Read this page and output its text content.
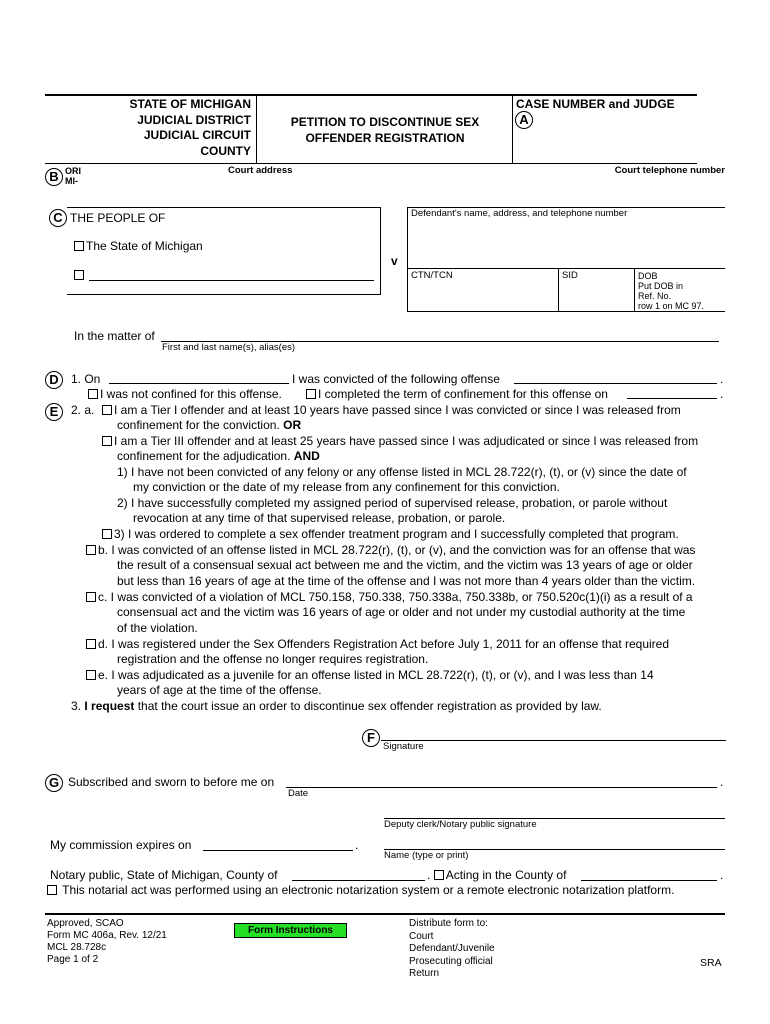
STATE OF MICHIGAN
JUDICIAL DISTRICT
JUDICIAL CIRCUIT
COUNTY
PETITION TO DISCONTINUE SEX
OFFENDER REGISTRATION
CASE NUMBER and JUDGE
A
B ORI
MI-
Court address	Court telephone number
C THE PEOPLE OF
The State of Michigan
v
Defendant's name, address, and telephone number
CTN/TCN	SID	DOB
Put DOB in
Ref. No.
row 1 on MC 97.
In the matter of
First and last name(s), alias(es)
D
E
1. On	I was convicted of the following offense	.
I was not confined for this offense.	I completed the term of confinement for this offense on	.
2. a.	I am a Tier I offender and at least 10 years have passed since I was convicted or since I was released from
confinement for the conviction. OR
I am a Tier III offender and at least 25 years have passed since I was adjudicated or since I was released from
confinement for the adjudication. AND
1) I have not been convicted of any felony or any offense listed in MCL 28.722(r), (t), or (v) since the date of
my conviction or the date of my release from any confinement for this conviction.
2) I have successfully completed my assigned period of supervised release, probation, or parole without
revocation at any time of that supervised release, probation, or parole.
3) I was ordered to complete a sex offender treatment program and I successfully completed that program.
b. I was convicted of an offense listed in MCL 28.722(r), (t), or (v), and the conviction was for an offense that was
the result of a consensual sexual act between me and the victim, and the victim was 13 years of age or older
but less than 16 years of age at the time of the offense and I was not more than 4 years older than the victim.
c. I was convicted of a violation of MCL 750.158, 750.338, 750.338a, 750.338b, or 750.520c(1)(i) as a result of a
consensual act and the victim was 16 years of age or older and not under my custodial authority at the time
of the violation.
d. I was registered under the Sex Offenders Registration Act before July 1, 2011 for an offense that required
registration and the offense no longer requires registration.
e. I was adjudicated as a juvenile for an offense listed in MCL 28.722(r), (t), or (v), and I was less than 14
years of age at the time of the offense.
3. I request that the court issue an order to discontinue sex offender registration as provided by law.
F
Signature
G Subscribed and sworn to before me on	.
Date
Deputy clerk/Notary public signature
My commission expires on	.
Name (type or print)
Notary public, State of Michigan, County of	. Acting in the County of	.
This notarial act was performed using an electronic notarization system or a remote electronic notarization platform.
Approved, SCAO
Form MC 406a, Rev. 12/21
MCL 28.728c
Page 1 of 2
Form Instructions
Distribute form to:
Court
Defendant/Juvenile
Prosecuting official
Return
SRA
